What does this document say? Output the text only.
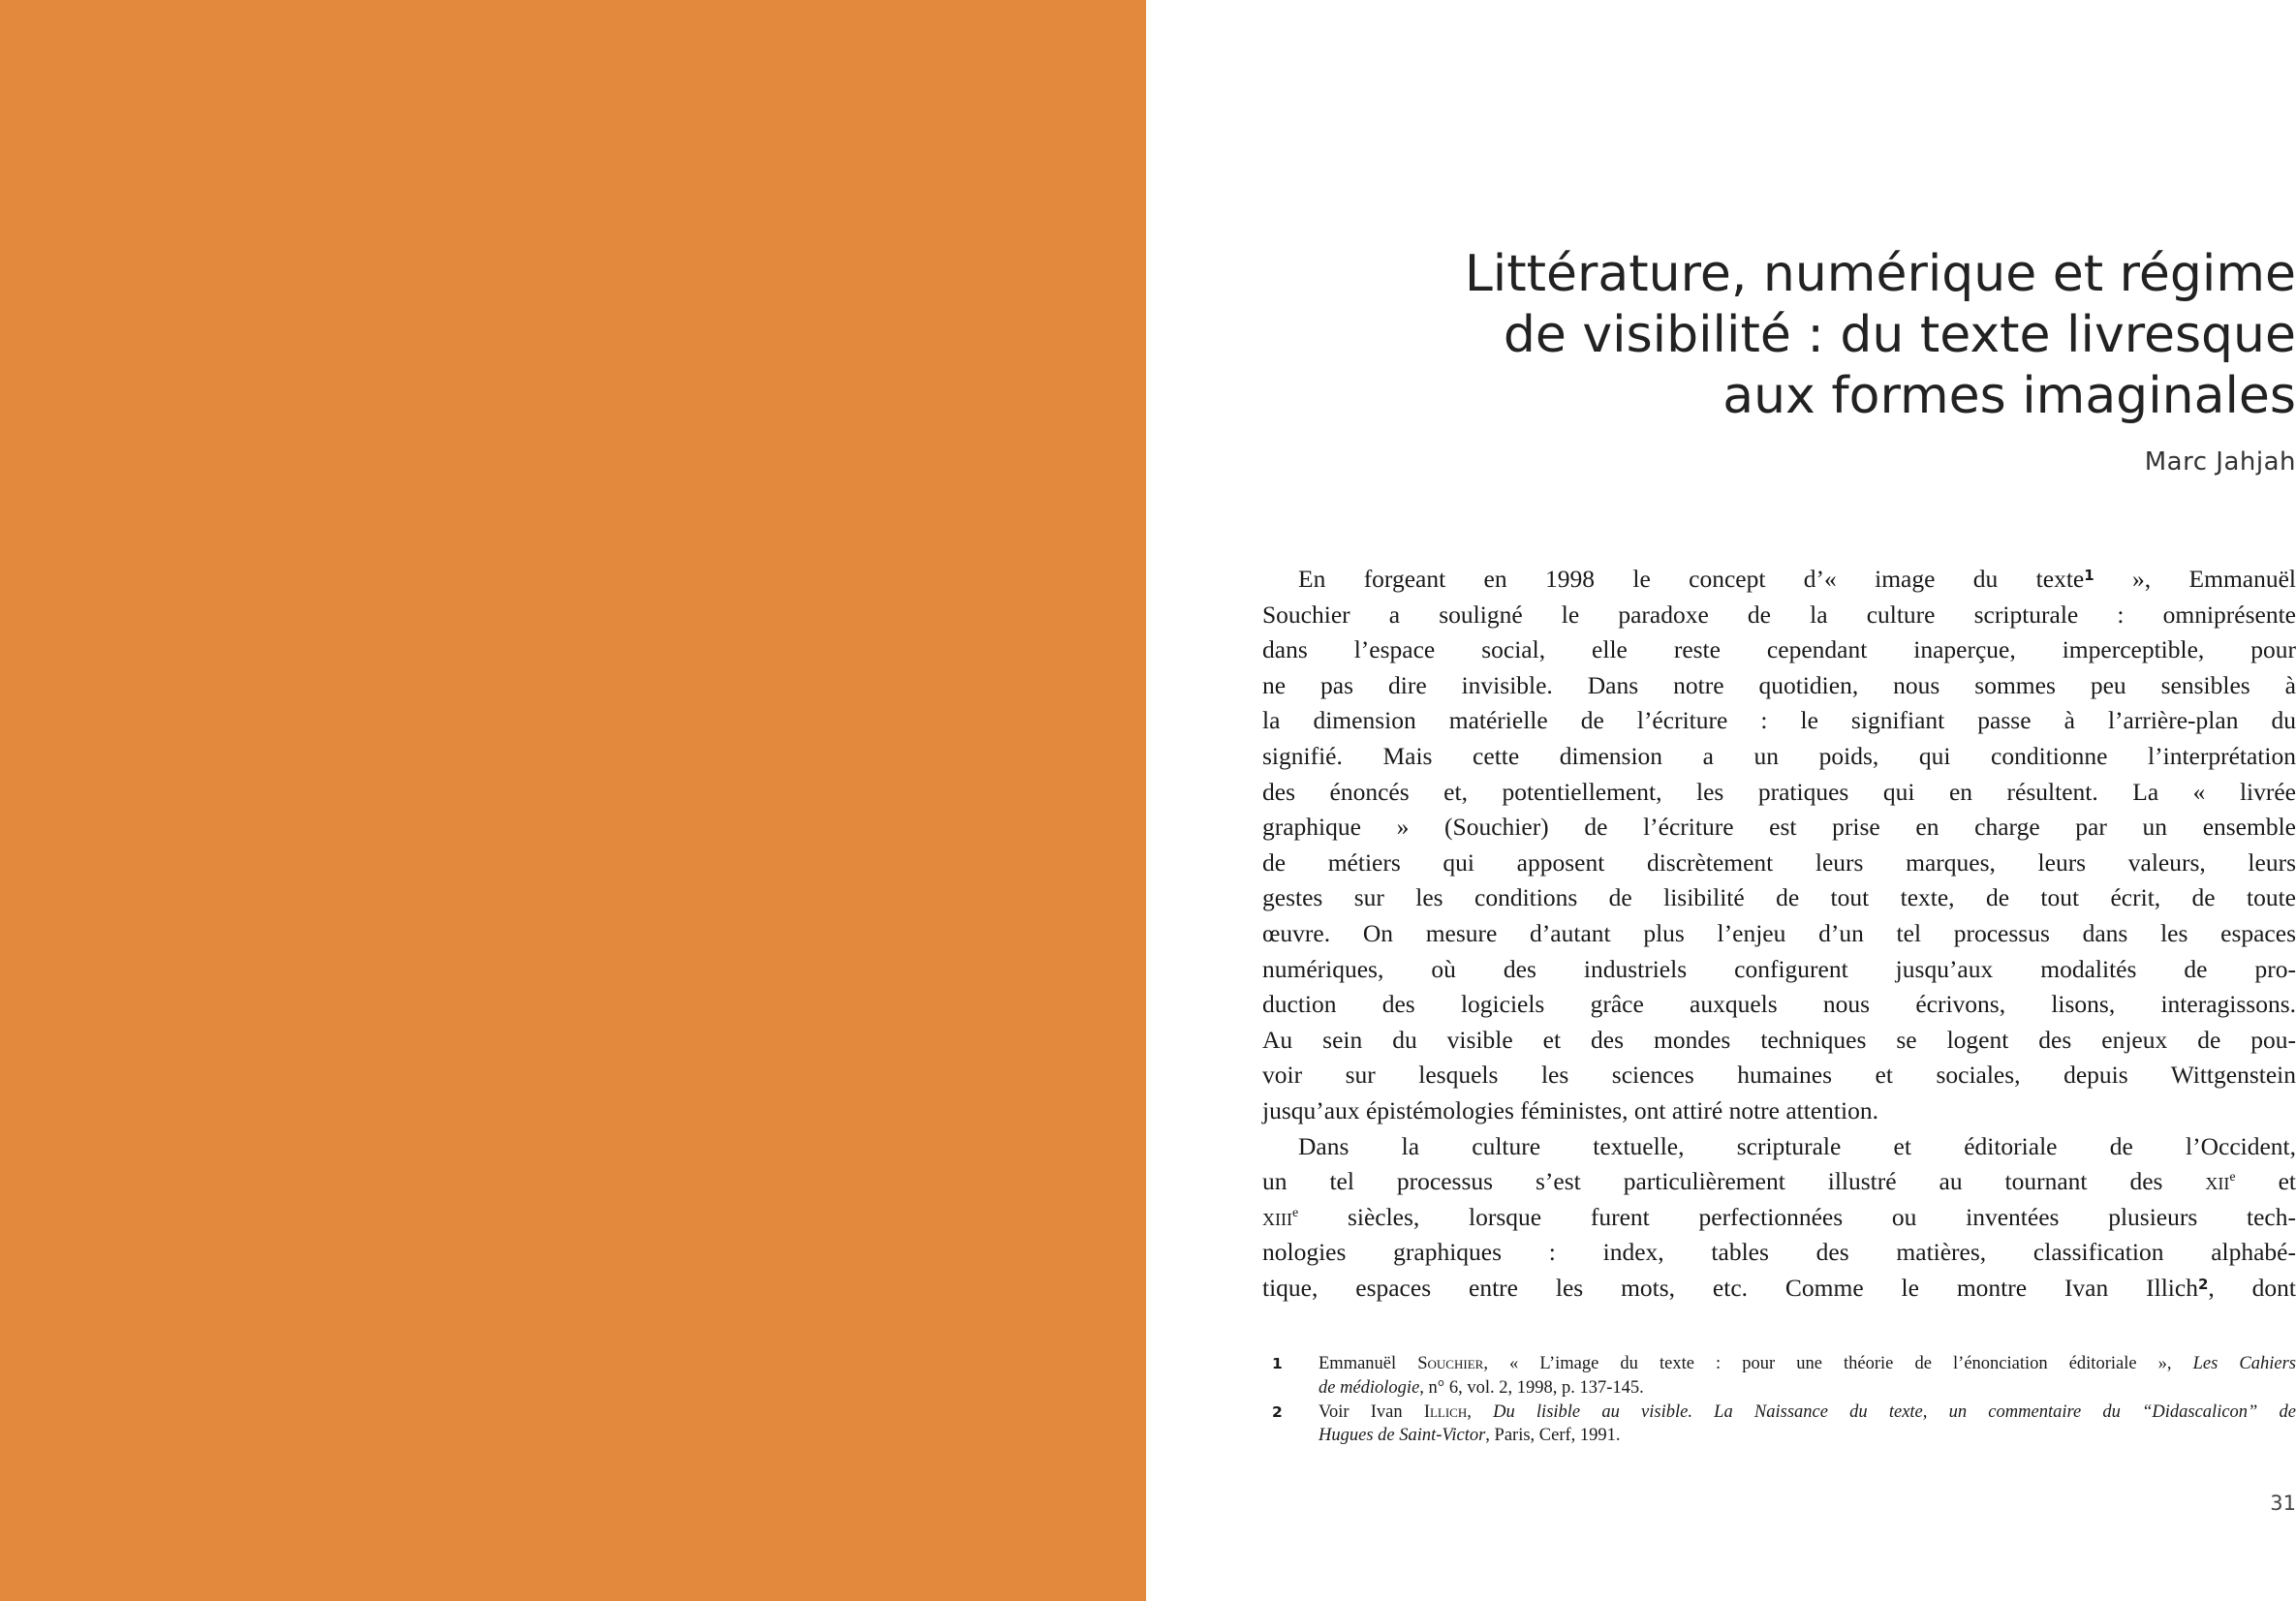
Littérature, numérique et régime
de visibilité : du texte livresque
aux formes imaginales
Marc Jahjah
En forgeant en 1998 le concept d’« image du texte$^1$ », Emmanuël
Souchier a souligné le paradoxe de la culture scripturale : omniprésente
dans l’espace social, elle reste cependant inaperçue, imperceptible, pour
ne pas dire invisible. Dans notre quotidien, nous sommes peu sensibles à
la dimension matérielle de l’écriture : le signifiant passe à l’arrière-plan du
signifié. Mais cette dimension a un poids, qui conditionne l’interprétation
des énoncés et, potentiellement, les pratiques qui en résultent. La « livrée
graphique » (Souchier) de l’écriture est prise en charge par un ensemble
de métiers qui apposent discrètement leurs marques, leurs valeurs, leurs
gestes sur les conditions de lisibilité de tout texte, de tout écrit, de toute
œuvre. On mesure d’autant plus l’enjeu d’un tel processus dans les espaces
numériques, où des industriels configurent jusqu’aux modalités de pro-
duction des logiciels grâce auxquels nous écrivons, lisons, interagissons.
Au sein du visible et des mondes techniques se logent des enjeux de pou-
voir sur lesquels les sciences humaines et sociales, depuis Wittgenstein
jusqu’aux épistémologies féministes, ont attiré notre attention.
Dans la culture textuelle, scripturale et éditoriale de l’Occident,
un tel processus s’est particulièrement illustré au tournant des xii$^e$ et
xiii$^e$ siècles, lorsque furent perfectionnées ou inventées plusieurs tech-
nologies graphiques : index, tables des matières, classification alphabé-
tique, espaces entre les mots, etc. Comme le montre Ivan Illich$^2$, dont
1 Emmanuël Souchier, « L’image du texte : pour une théorie de l’énonciation éditoriale », Les Cahiers
de médiologie, n° 6, vol. 2, 1998, p. 137-145.
2 Voir Ivan Illich, Du lisible au visible. La Naissance du texte, un commentaire du “Didascalicon” de
Hugues de Saint-Victor, Paris, Cerf, 1991.
31
